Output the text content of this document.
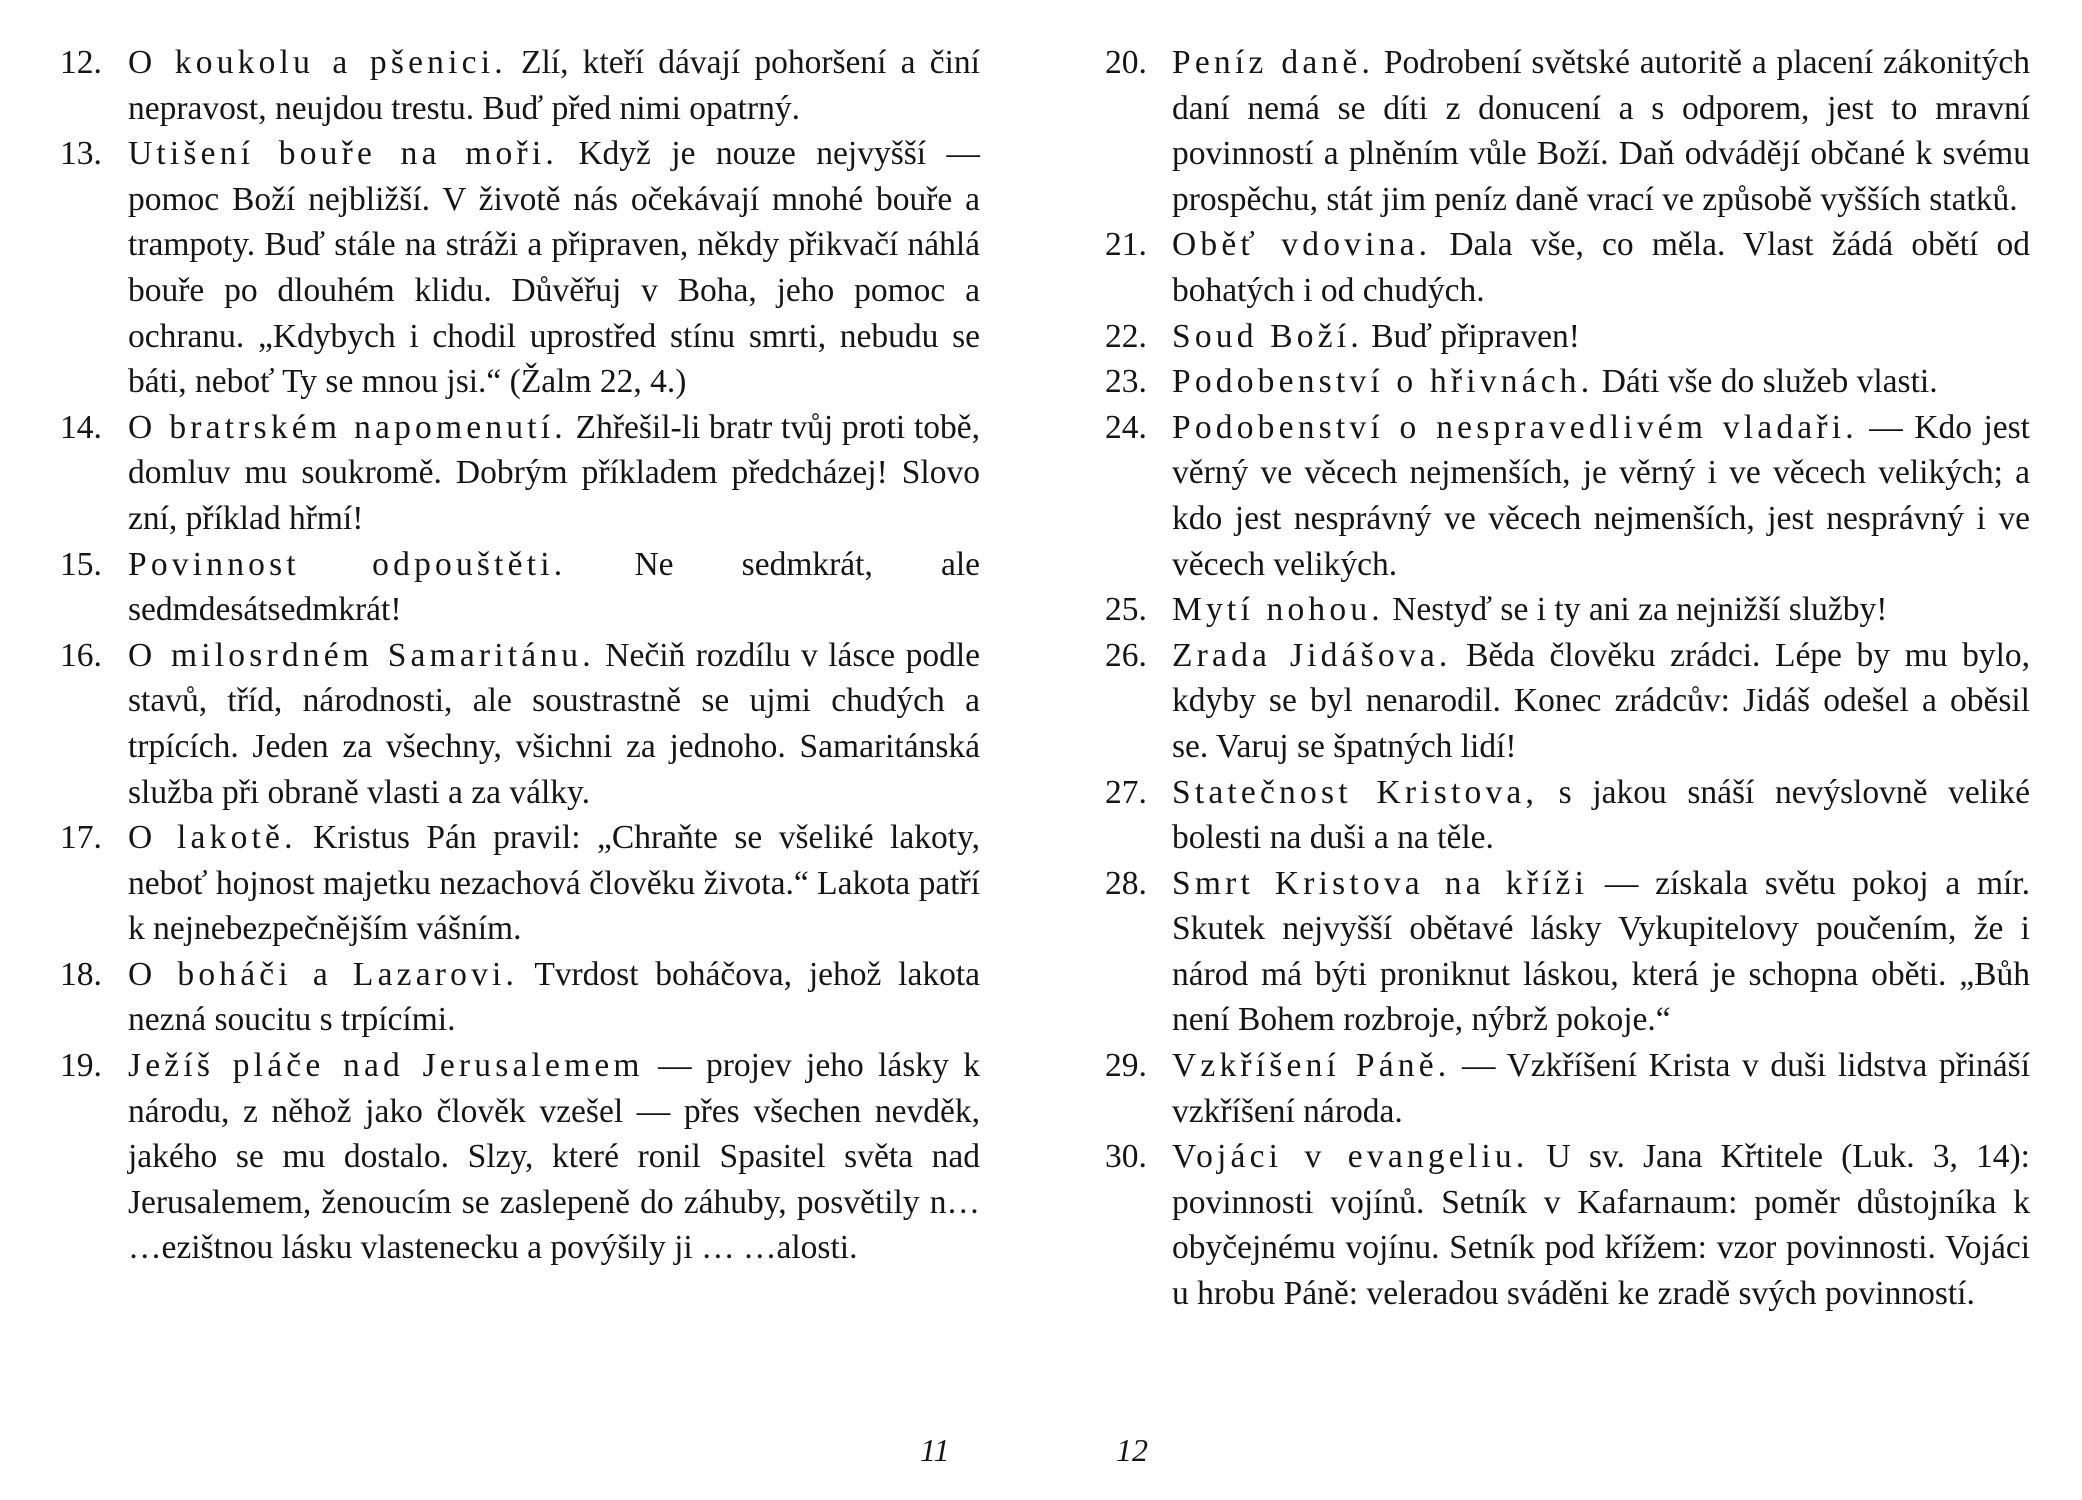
12. O koukolu a pšenici. Zlí, kteří dávají pohoršení a činí nepravost, neujdou trestu. Buď před nimi opatrný.
13. Utišení bouře na moři. Když je nouze nejvyšší — pomoc Boží nejbližší. V životě nás očekávají mnohé bouře a trampoty. Buď stále na stráži a připraven, někdy přikvačí náhlá bouře po dlouhém klidu. Důvěřuj v Boha, jeho pomoc a ochranu. „Kdybych i chodil uprostřed stínu smrti, nebudu se báti, neboť Ty se mnou jsi.“ (Žalm 22, 4.)
14. O bratrském napomenutí. Zhřešil-li bratr tvůj proti tobě, domluv mu soukromě. Dobrým příkladem předcházej! Slovo zní, příklad hřmí!
15. Povinnost odpouštěti. Ne sedmkrát, ale sedmdesátsedmkrát!
16. O milosrdném Samaritánu. Nečiň rozdílu v lásce podle stavů, tříd, národnosti, ale soustrastně se ujmi chudých a trpících. Jeden za všechny, všichni za jednoho. Samaritánská služba při obraně vlasti a za války.
17. O lakotě. Kristus Pán pravil: „Chraňte se všeliké lakoty, neboť hojnost majetku nezachová člověku života.“ Lakota patří k nejnebezpečnějším vášním.
18. O boháči a Lazarovi. Tvrdost boháčova, jehož lakota nezná soucitu s trpícími.
19. Ježíš pláče nad Jerusalemem — projev jeho lásky k národu, z něhož jako člověk vzešel — přes všechen nevděk, jakého se mu dostalo. Slzy, které ronil Spasitel světa nad Jerusalemem, ženoucím se zaslepeně do záhuby, posvětily n… …ezištnou lásku vlastenecku a povýšily ji … …alosti.
11
20. Peníz daně. Podrobení světské autoritě a placení zákonitých daní nemá se díti z donucení a s odporem, jest to mravní povinností a plněním vůle Boží. Daň odvádějí občané k svému prospěchu, stát jim peníz daně vrací ve způsobě vyšších statků.
21. Oběť vdovina. Dala vše, co měla. Vlast žádá obětí od bohatých i od chudých.
22. Soud Boží. Buď připraven!
23. Podobenství o hřivnách. Dáti vše do služeb vlasti.
24. Podobenství o nespravedlivém vladaři. — Kdo jest věrný ve věcech nejmenších, je věrný i ve věcech velikých; a kdo jest nesprávný ve věcech nejmenších, jest nesprávný i ve věcech velikých.
25. Mytí nohou. Nestyď se i ty ani za nejnižší služby!
26. Zrada Jidášova. Běda člověku zrádci. Lépe by mu bylo, kdyby se byl nenarodil. Konec zrádcův: Jidáš odešel a oběsil se. Varuj se špatných lidí!
27. Statečnost Kristova, s jakou snáší nevýslovně veliké bolesti na duši a na těle.
28. Smrt Kristova na kříži — získala světu pokoj a mír. Skutek nejvyšší obětavé lásky Vykupitelovy poučením, že i národ má býti proniknut láskou, která je schopna oběti. „Bůh není Bohem rozbroje, nýbrž pokoje.“
29. Vzkříšení Páně. — Vzkříšení Krista v duši lidstva přináší vzkříšení národa.
30. Vojáci v evangeliu. U sv. Jana Křtitele (Luk. 3, 14): povinnosti vojínů. Setník v Kafarnaum: poměr důstojníka k obyčejnému vojínu. Setník pod křížem: vzor povinnosti. Vojáci u hrobu Páně: veleradou sváděni ke zradě svých povinností.
12
